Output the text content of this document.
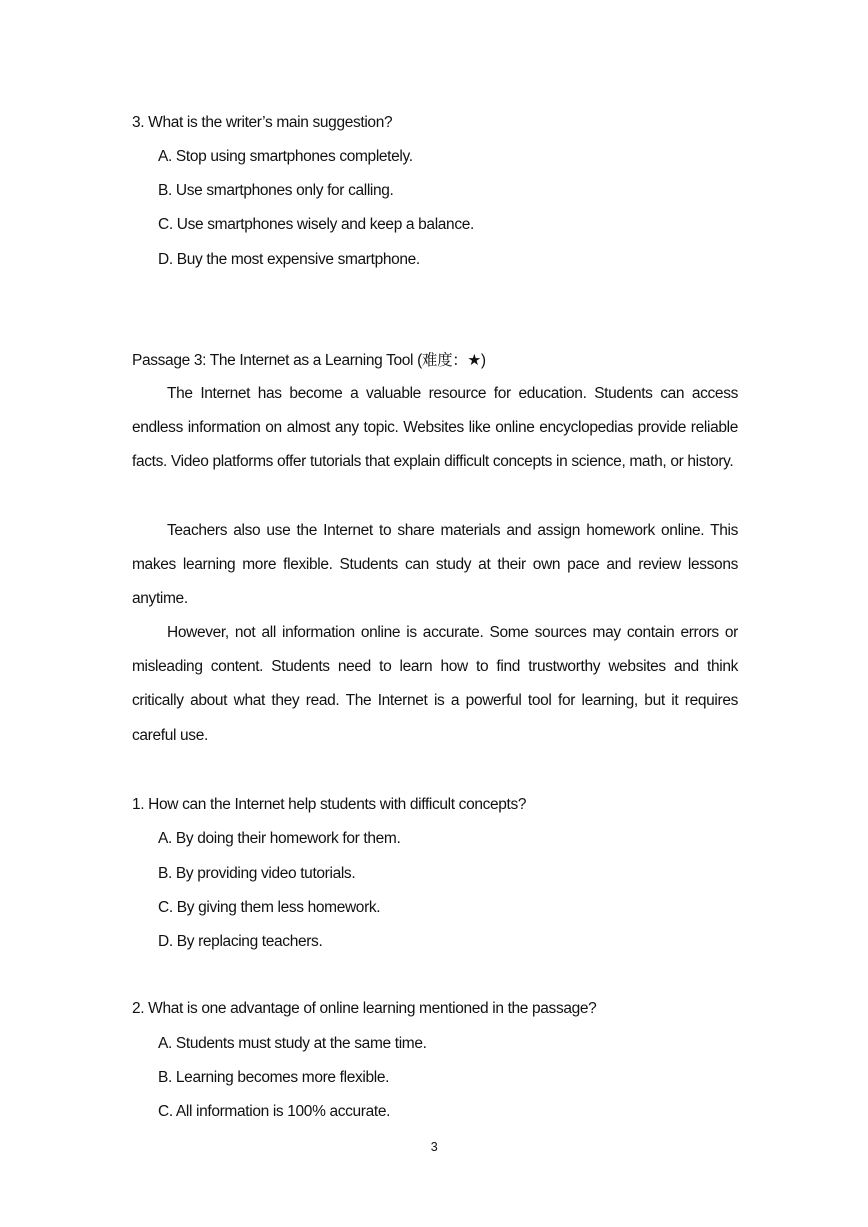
3. What is the writer’s main suggestion?
A. Stop using smartphones completely.
B. Use smartphones only for calling.
C. Use smartphones wisely and keep a balance.
D. Buy the most expensive smartphone.
Passage 3: The Internet as a Learning Tool (难度：★)

The Internet has become a valuable resource for education. Students can access endless information on almost any topic. Websites like online encyclopedias provide reliable facts. Video platforms offer tutorials that explain difficult concepts in science, math, or history.

Teachers also use the Internet to share materials and assign homework online. This makes learning more flexible. Students can study at their own pace and review lessons anytime.

However, not all information online is accurate. Some sources may contain errors or misleading content. Students need to learn how to find trustworthy websites and think critically about what they read. The Internet is a powerful tool for learning, but it requires careful use.

1. How can the Internet help students with difficult concepts?
A. By doing their homework for them.
B. By providing video tutorials.
C. By giving them less homework.
D. By replacing teachers.
2. What is one advantage of online learning mentioned in the passage?
A. Students must study at the same time.
B. Learning becomes more flexible.
C. All information is 100% accurate.
3
